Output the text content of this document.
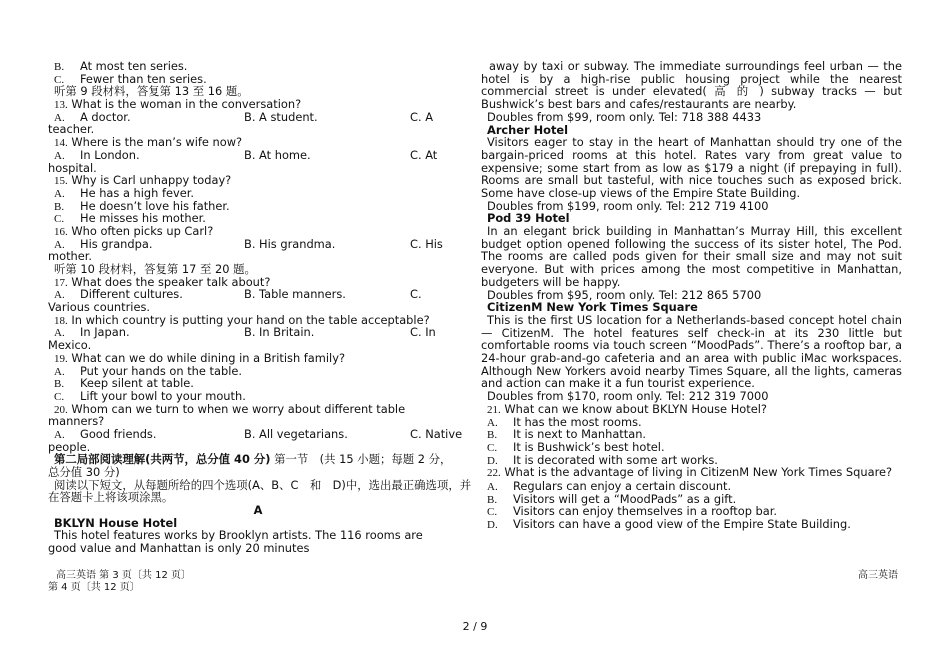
B. At most ten series.
C. Fewer than ten series.
听第 9 段材料，答复第 13 至 16 题。
13. What is the woman in the conversation?
A. A doctor.	B. A student.	C. A
teacher.
14. Where is the man’s wife now?
A. In London.	B. At home.	C. At
hospital.
15. Why is Carl unhappy today?
A. He has a high fever.
B. He doesn’t love his father.
C. He misses his mother.
16. Who often picks up Carl?
A. His grandpa.	B. His grandma.	C. His
mother.
听第 10 段材料，答复第 17 至 20 题。
17. What does the speaker talk about?
A. Different cultures.	B. Table manners.	C.
Various countries.
18. In which country is putting your hand on the table acceptable?
A. In Japan.	B. In Britain.	C. In
Mexico.
19. What can we do while dining in a British family?
A. Put your hands on the table.
B. Keep silent at table.
C. Lift your bowl to your mouth.
20. Whom can we turn to when we worry about different table
manners?
A. Good friends.	B. All vegetarians.	C. Native
people.
第二局部阅读理解(共两节，总分值 40 分) 第一节　(共 15 小题；每题 2 分，
总分值 30 分)
阅读以下短文，从每题所给的四个选项(A、B、C　和　D)中，选出最正确选项，并
在答题卡上将该项涂黑。
A
BKLYN House Hotel
This hotel features works by Brooklyn artists. The 116 rooms are
good value and Manhattan is only 20 minutes
高三英语 第 3 页〔共 12 页〕
第 4 页〔共 12 页〕
away by taxi or subway. The immediate surroundings feel urban — the hotel is by a high-rise public housing project while the nearest commercial street is under elevated( 高 的 ) subway tracks — but Bushwick’s best bars and cafes/restaurants are nearby.
Doubles from $99, room only. Tel: 718 388 4433
Archer Hotel
Visitors eager to stay in the heart of Manhattan should try one of the bargain-priced rooms at this hotel. Rates vary from great value to expensive; some start from as low as $179 a night (if prepaying in full). Rooms are small but tasteful, with nice touches such as exposed brick. Some have close-up views of the Empire State Building.
Doubles from $199, room only. Tel: 212 719 4100
Pod 39 Hotel
In an elegant brick building in Manhattan’s Murray Hill, this excellent budget option opened following the success of its sister hotel, The Pod. The rooms are called pods given for their small size and may not suit everyone. But with prices among the most competitive in Manhattan, budgeters will be happy.
Doubles from $95, room only. Tel: 212 865 5700
CitizenM New York Times Square
This is the first US location for a Netherlands-based concept hotel chain — CitizenM. The hotel features self check-in at its 230 little but comfortable rooms via touch screen “MoodPads”. There’s a rooftop bar, a 24-hour grab-and-go cafeteria and an area with public iMac workspaces. Although New Yorkers avoid nearby Times Square, all the lights, cameras and action can make it a fun tourist experience.
Doubles from $170, room only. Tel: 212 319 7000
21. What can we know about BKLYN House Hotel?
A. It has the most rooms.
B. It is next to Manhattan.
C. It is Bushwick’s best hotel.
D. It is decorated with some art works.
22. What is the advantage of living in CitizenM New York Times Square?
A. Regulars can enjoy a certain discount.
B. Visitors will get a “MoodPads” as a gift.
C. Visitors can enjoy themselves in a rooftop bar.
D. Visitors can have a good view of the Empire State Building.
高三英语
2 / 9
